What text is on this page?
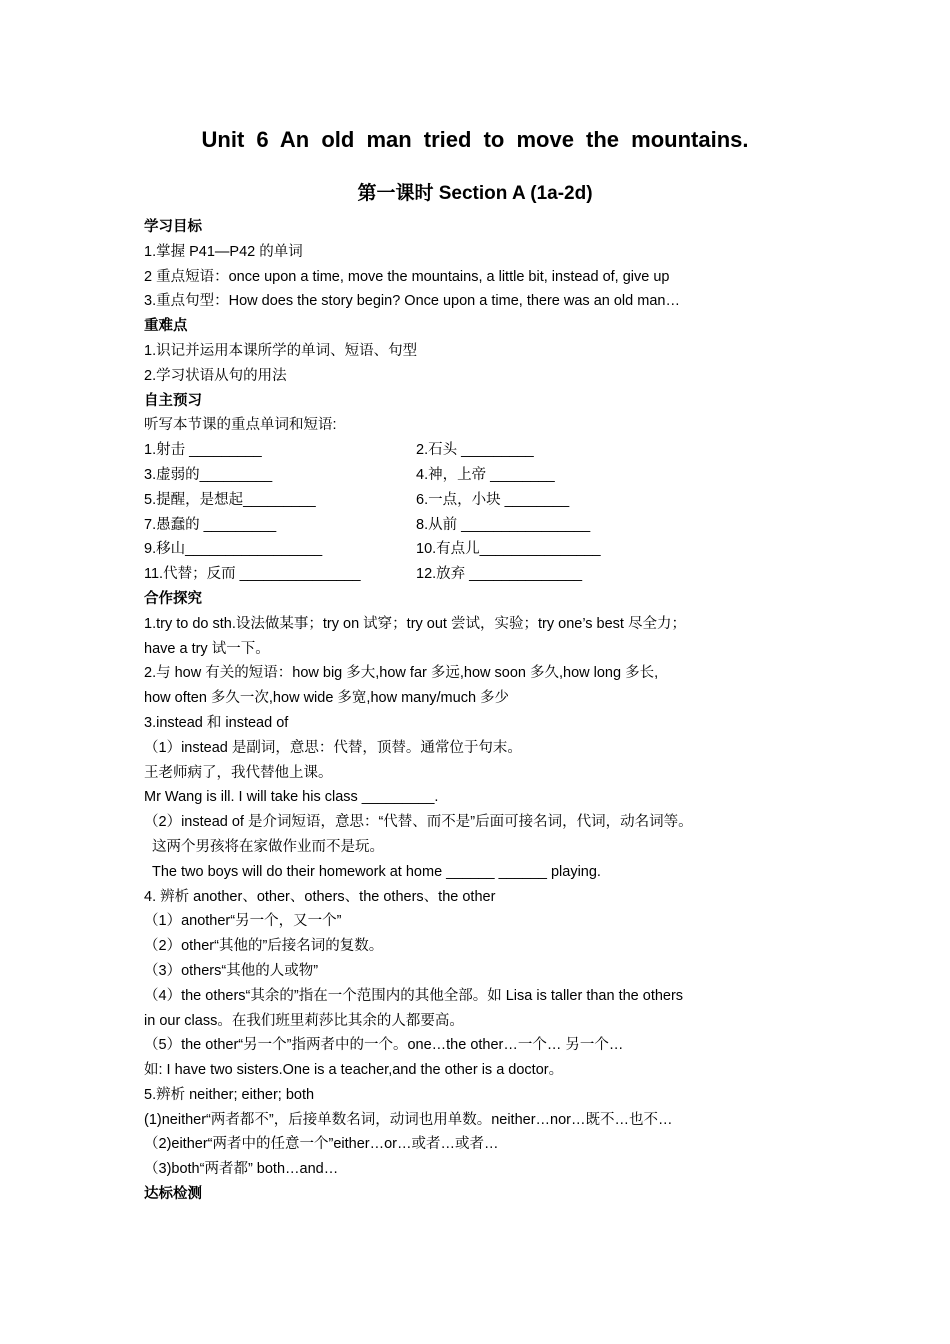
Unit 6 An old man tried to move the mountains.
第一课时 Section A (1a-2d)
学习目标
1.掌握 P41—P42 的单词
2 重点短语：once upon a time, move the mountains, a little bit, instead of, give up
3.重点句型：How does the story begin? Once upon a time, there was an old man…
重难点
1.识记并运用本课所学的单词、短语、句型
2.学习状语从句的用法
自主预习
听写本节课的重点单词和短语:
1.射击 _________	2.石头 _________
3.虚弱的_________	4.神，上帝 ________
5.提醒，是想起_________	6.一点，小块 ________
7.愚蠢的 _________	8.从前 ________________
9.移山_________________	10.有点儿_______________
11.代替；反而 _______________	12.放弃 ______________
合作探究
1.try to do sth.设法做某事；try on 试穿；try out 尝试，实验；try one’s best 尽全力；
have a try 试一下。
2.与 how 有关的短语：how big 多大,how far 多远,how soon 多久,how long 多长,
how often 多久一次,how wide 多宽,how many/much 多少
3.instead 和 instead of
（1）instead 是副词，意思：代替，顶替。通常位于句末。
王老师病了，我代替他上课。
Mr Wang is ill. I will take his class _________.
（2）instead of 是介词短语，意思：“代替、而不是”后面可接名词，代词，动名词等。
这两个男孩将在家做作业而不是玩。
The two boys will do their homework at home ______ ______ playing.
4. 辨析 another、other、others、the others、the other
（1）another“另一个，又一个”
（2）other“其他的”后接名词的复数。
（3）others“其他的人或物”
（4）the others“其余的”指在一个范围内的其他全部。如 Lisa is taller than the others
in our class。在我们班里莉莎比其余的人都要高。
（5）the other“另一个”指两者中的一个。one…the other…一个… 另一个…
如: I have two sisters.One is a teacher,and the other is a doctor。
5.辨析 neither; either; both
(1)neither“两者都不”，后接单数名词，动词也用单数。neither…nor…既不…也不…
（2)either“两者中的任意一个”either…or…或者…或者…
（3)both“两者都” both…and…
达标检测
